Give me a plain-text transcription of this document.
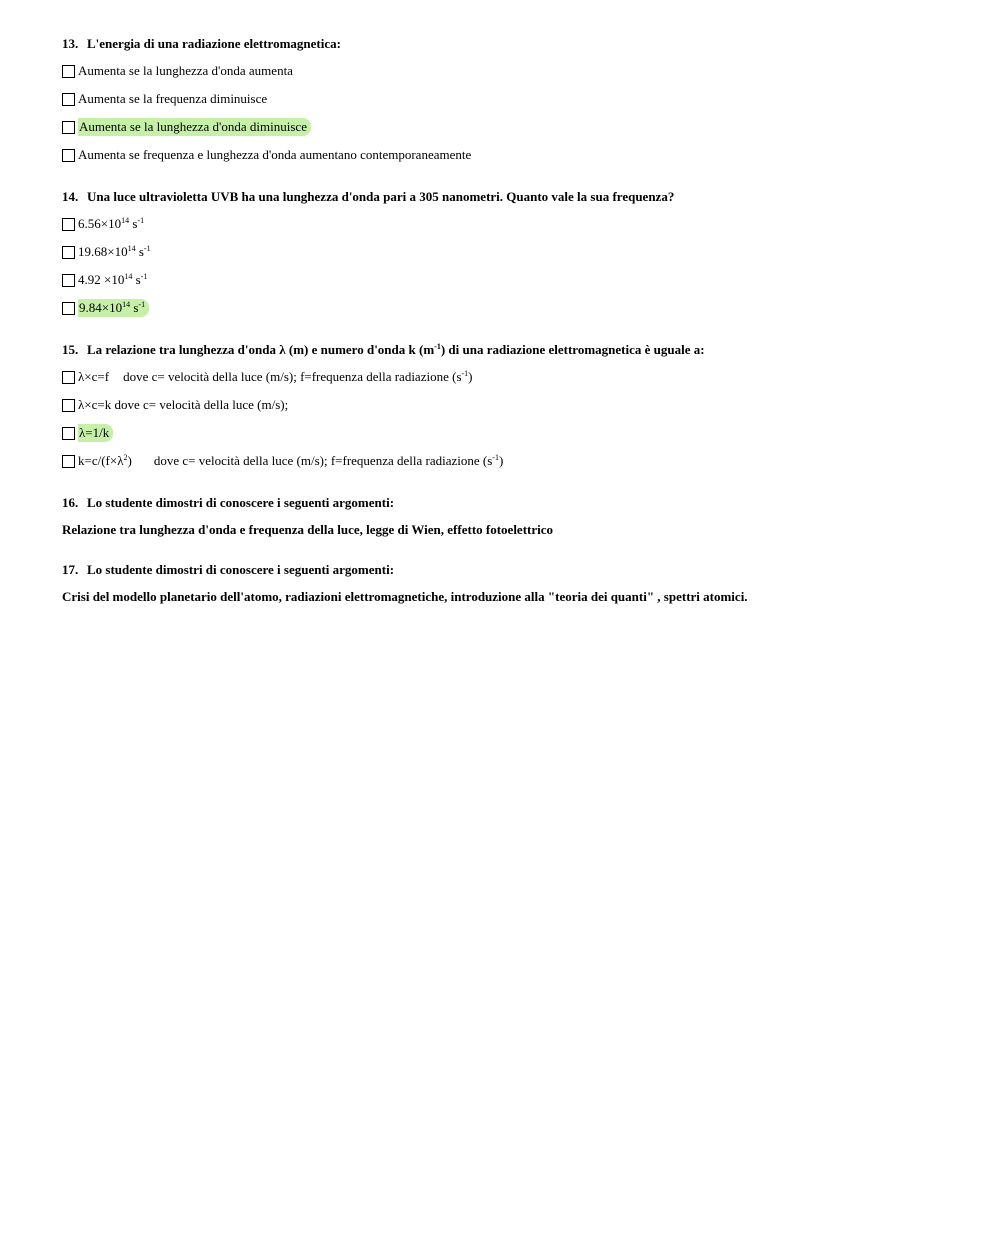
13. L'energia di una radiazione elettromagnetica:

Aumenta se la lunghezza d'onda aumenta
Aumenta se la frequenza diminuisce
Aumenta se la lunghezza d'onda diminuisce
Aumenta se frequenza e lunghezza d'onda aumentano contemporaneamente

14. Una luce ultravioletta UVB ha una lunghezza d'onda pari a 305 nanometri. Quanto vale la sua frequenza?

$6.56\times 10^{14}$ $s^{-1}$
$19.68\times 10^{14}$ $s^{-1}$
$4.92 \times 10^{14}$ $s^{-1}$
$9.84\times 10^{14}$ $s^{-1}$

15. La relazione tra lunghezza d'onda λ (m) e numero d'onda k $(m^{-1})$ di una radiazione elettromagnetica è uguale a:

λ×c=f dove c= velocità della luce (m/s); f=frequenza della radiazione $(s^{-1})$
λ×c=k dove c= velocità della luce (m/s);
λ=1/k
$k=c/(f\times\lambda^2)$ dove c= velocità della luce (m/s); f=frequenza della radiazione $(s^{-1})$

16. Lo studente dimostri di conoscere i seguenti argomenti:

Relazione tra lunghezza d'onda e frequenza della luce, legge di Wien, effetto fotoelettrico

17. Lo studente dimostri di conoscere i seguenti argomenti:

Crisi del modello planetario dell'atomo, radiazioni elettromagnetiche, introduzione alla "teoria dei quanti" , spettri atomici.
